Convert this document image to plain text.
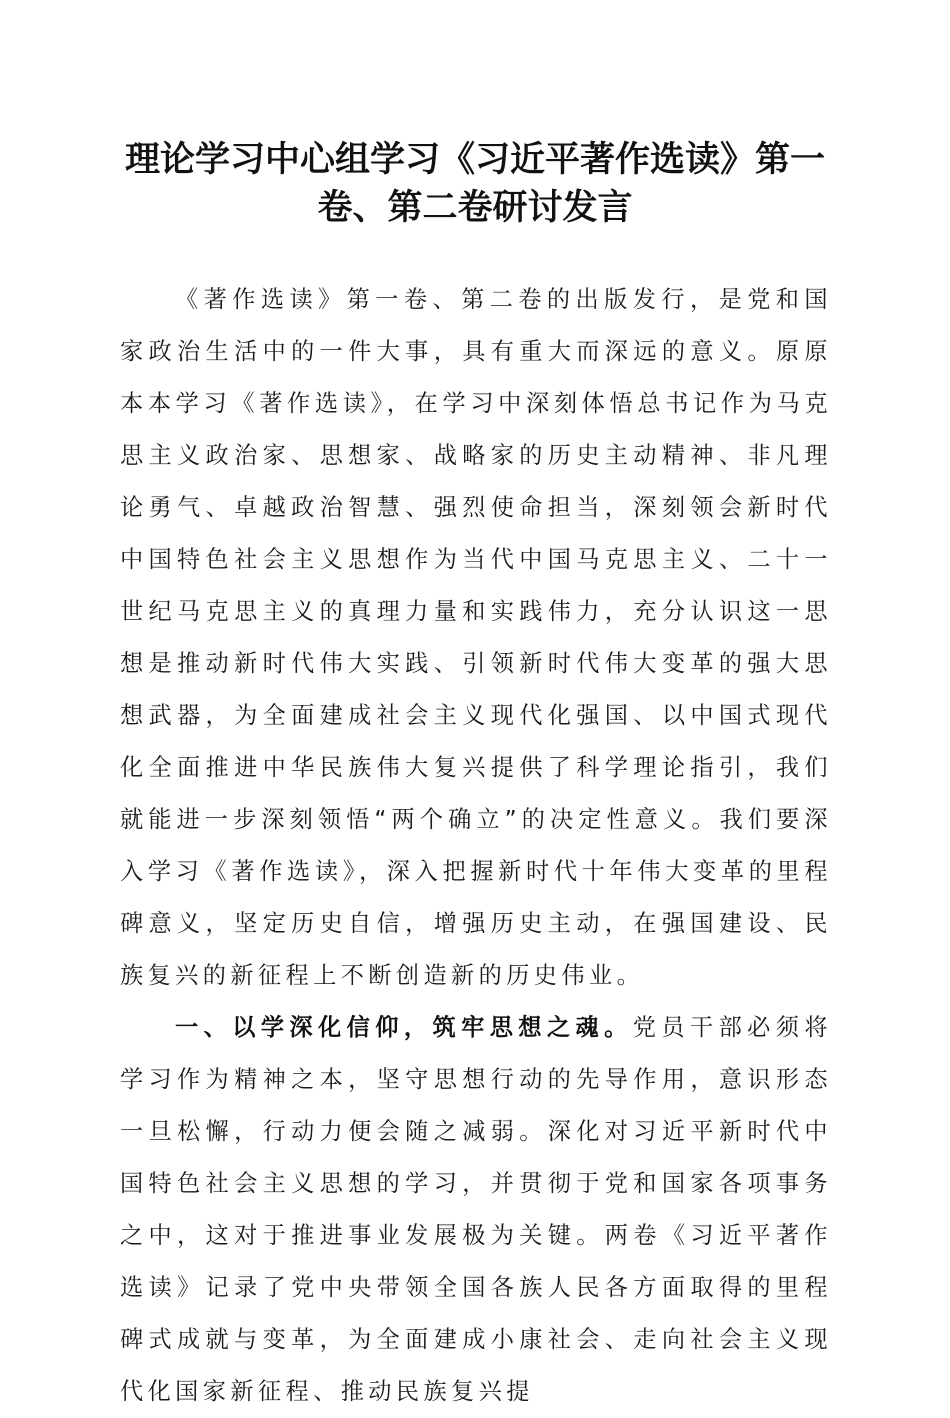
理论学习中心组学习《习近平著作选读》第一卷、第二卷研讨发言

《著作选读》第一卷、第二卷的出版发行，是党和国家政治生活中的一件大事，具有重大而深远的意义。原原本本学习《著作选读》，在学习中深刻体悟总书记作为马克思主义政治家、思想家、战略家的历史主动精神、非凡理论勇气、卓越政治智慧、强烈使命担当，深刻领会新时代中国特色社会主义思想作为当代中国马克思主义、二十一世纪马克思主义的真理力量和实践伟力，充分认识这一思想是推动新时代伟大实践、引领新时代伟大变革的强大思想武器，为全面建成社会主义现代化强国、以中国式现代化全面推进中华民族伟大复兴提供了科学理论指引，我们就能进一步深刻领悟“两个确立”的决定性意义。我们要深入学习《著作选读》，深入把握新时代十年伟大变革的里程碑意义，坚定历史自信，增强历史主动，在强国建设、民族复兴的新征程上不断创造新的历史伟业。

一、以学深化信仰，筑牢思想之魂。党员干部必须将学习作为精神之本，坚守思想行动的先导作用，意识形态一旦松懈，行动力便会随之减弱。深化对习近平新时代中国特色社会主义思想的学习，并贯彻于党和国家各项事务之中，这对于推进事业发展极为关键。两卷《习近平著作选读》记录了党中央带领全国各族人民各方面取得的里程碑式成就与变革，为全面建成小康社会、走向社会主义现代化国家新征程、推动民族复兴提
